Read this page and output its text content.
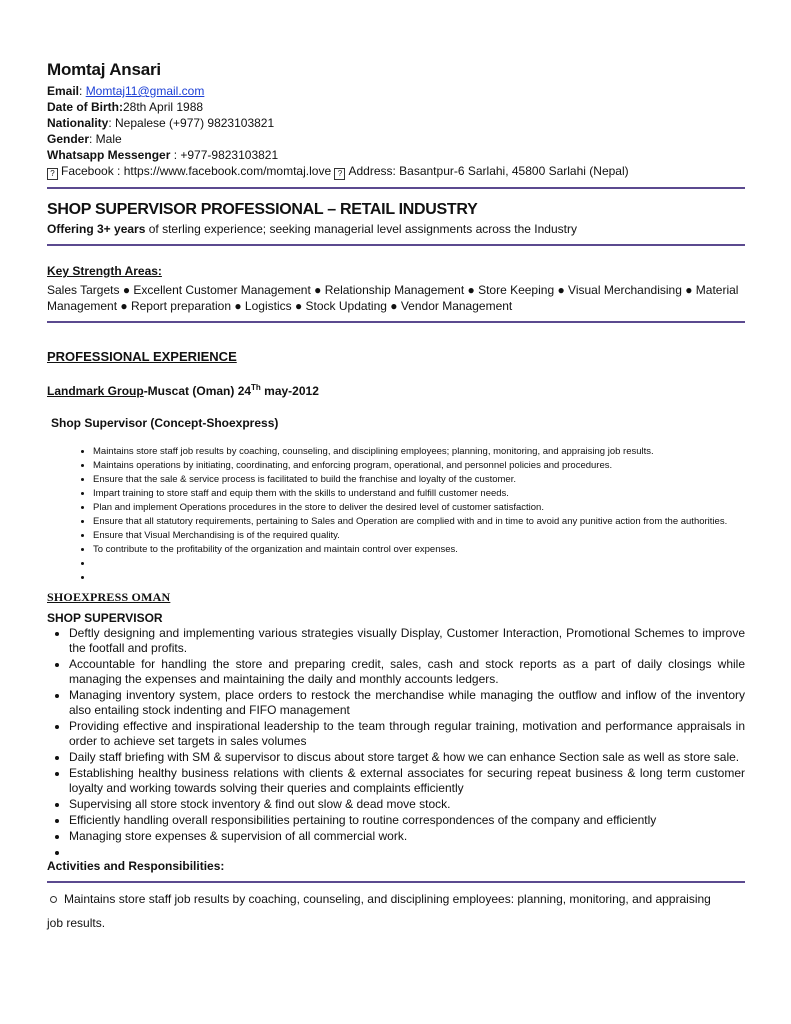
Momtaj Ansari
Email: Momtaj11@gmail.com
Date of Birth:28th April 1988
Nationality: Nepalese (+977) 9823103821
Gender: Male
Whatsapp Messenger : +977-9823103821
? Facebook : https://www.facebook.com/momtaj.love ? Address: Basantpur-6 Sarlahi, 45800 Sarlahi (Nepal)
SHOP SUPERVISOR PROFESSIONAL – RETAIL INDUSTRY
Offering 3+ years of sterling experience; seeking managerial level assignments across the Industry
Key Strength Areas:
Sales Targets ● Excellent Customer Management ● Relationship Management ● Store Keeping ● Visual Merchandising ● Material Management ● Report preparation ● Logistics ● Stock Updating ● Vendor Management
PROFESSIONAL EXPERIENCE
Landmark Group-Muscat (Oman) 24Th may-2012
Shop Supervisor (Concept-Shoexpress)
• Maintains store staff job results by coaching, counseling, and disciplining employees; planning, monitoring, and appraising job results.
• Maintains operations by initiating, coordinating, and enforcing program, operational, and personnel policies and procedures.
• Ensure that the sale & service process is facilitated to build the franchise and loyalty of the customer.
• Impart training to store staff and equip them with the skills to understand and fulfill customer needs.
• Plan and implement Operations procedures in the store to deliver the desired level of customer satisfaction.
• Ensure that all statutory requirements, pertaining to Sales and Operation are complied with and in time to avoid any punitive action from the authorities.
• Ensure that Visual Merchandising is of the required quality.
• To contribute to the profitability of the organization and maintain control over expenses.
•
•
SHOEXPRESS OMAN
SHOP SUPERVISOR
• Deftly designing and implementing various strategies visually Display, Customer Interaction, Promotional Schemes to improve the footfall and profits.
• Accountable for handling the store and preparing credit, sales, cash and stock reports as a part of daily closings while managing the expenses and maintaining the daily and monthly accounts ledgers.
• Managing inventory system, place orders to restock the merchandise while managing the outflow and inflow of the inventory also entailing stock indenting and FIFO management
• Providing effective and inspirational leadership to the team through regular training, motivation and performance appraisals in order to achieve set targets in sales volumes
• Daily staff briefing with SM & supervisor to discus about store target & how we can enhance Section sale as well as store sale.
• Establishing healthy business relations with clients & external associates for securing repeat business & long term customer loyalty and working towards solving their queries and complaints efficiently
• Supervising all store stock inventory & find out slow & dead move stock.
• Efficiently handling overall responsibilities pertaining to routine correspondences of the company and efficiently
• Managing store expenses & supervision of all commercial work.
•
Activities and Responsibilities:
Maintains store staff job results by coaching, counseling, and disciplining employees: planning, monitoring, and appraising job results.
